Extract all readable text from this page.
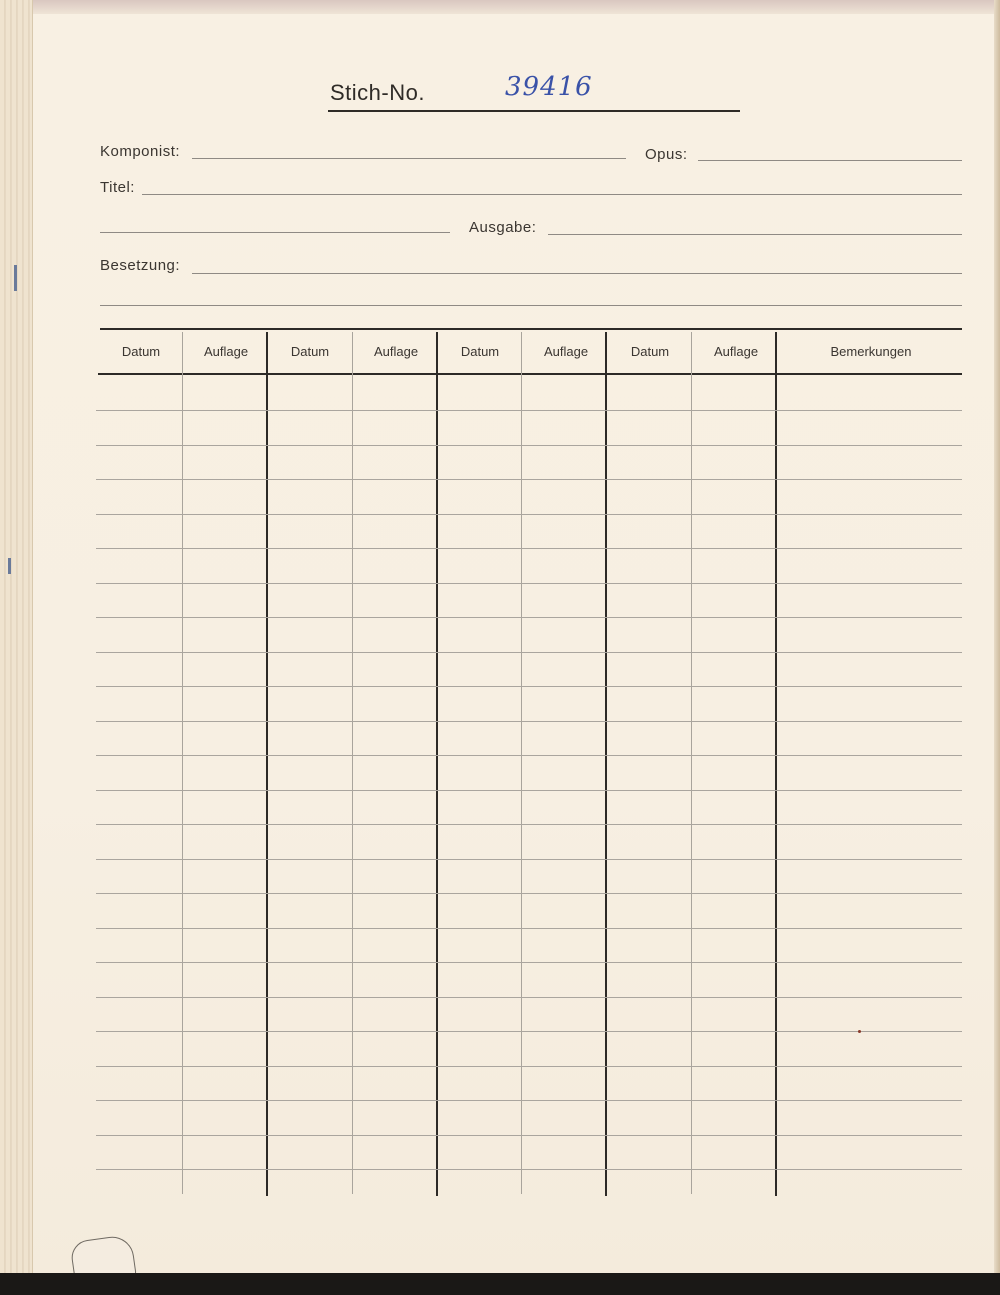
Stich-No.	39416
Komponist:	Opus:
Titel:
Ausgabe:
Besetzung:
Datum	Auflage	Datum	Auflage	Datum	Auflage	Datum	Auflage	Bemerkungen
